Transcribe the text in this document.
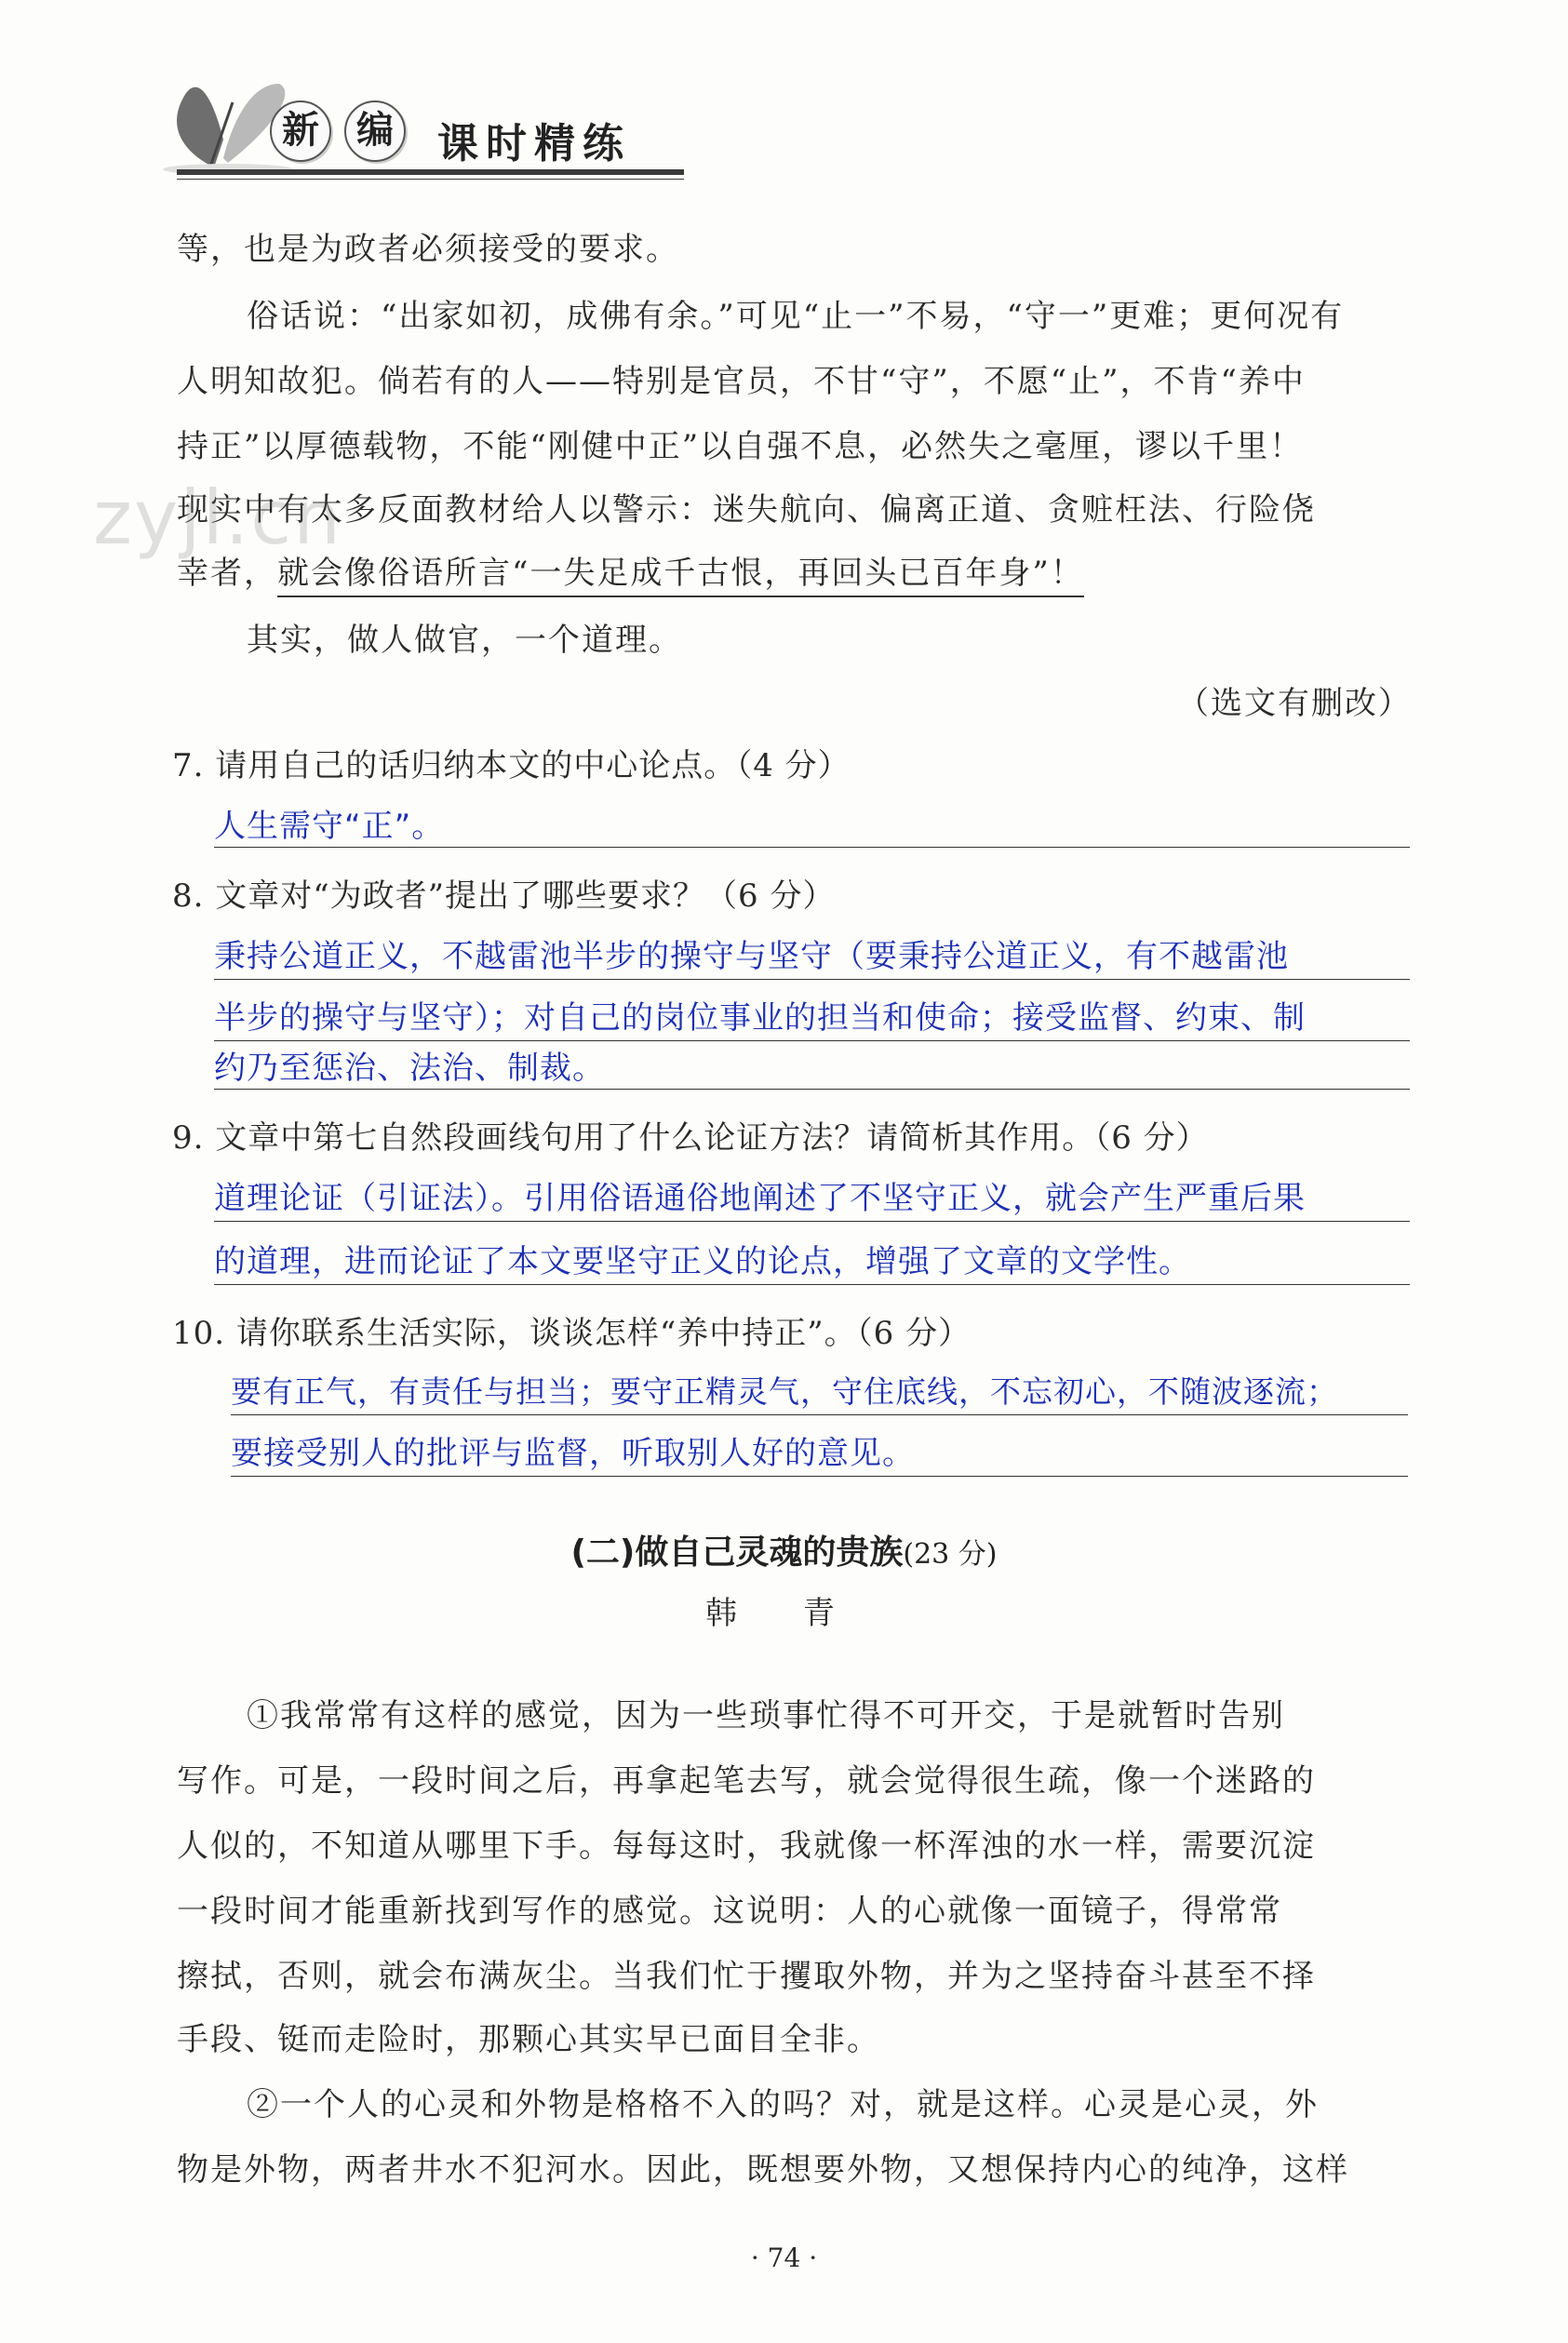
新	编 课时精练
等，也是为政者必须接受的要求。
俗话说：“出家如初，成佛有余。”可见“止一”不易，“守一”更难；更何况有
人明知故犯。倘若有的人——特别是官员，不甘“守”，不愿“止”，不肯“养中
持正”以厚德载物，不能“刚健中正”以自强不息，必然失之毫厘，谬以千里！
现实中有太多反面教材给人以警示：迷失航向、偏离正道、贪赃枉法、行险侥
幸者，就会像俗语所言“一失足成千古恨，再回头已百年身”！
其实，做人做官，一个道理。
（选文有删改）
zyjl.cn
7. 请用自己的话归纳本文的中心论点。（4 分）
人生需守“正”。
8. 文章对“为政者”提出了哪些要求？（6 分）
秉持公道正义，不越雷池半步的操守与坚守（要秉持公道正义，有不越雷池
半步的操守与坚守）；对自己的岗位事业的担当和使命；接受监督、约束、制
约乃至惩治、法治、制裁。
9. 文章中第七自然段画线句用了什么论证方法？请简析其作用。（6 分）
道理论证（引证法）。引用俗语通俗地阐述了不坚守正义，就会产生严重后果
的道理，进而论证了本文要坚守正义的论点，增强了文章的文学性。
10. 请你联系生活实际，谈谈怎样“养中持正”。（6 分）
要有正气，有责任与担当；要守正精灵气，守住底线，不忘初心，不随波逐流；
要接受别人的批评与监督，听取别人好的意见。
(二)做自己灵魂的贵族(23 分)
韩 青
①我常常有这样的感觉，因为一些琐事忙得不可开交，于是就暂时告别
写作。可是，一段时间之后，再拿起笔去写，就会觉得很生疏，像一个迷路的
人似的，不知道从哪里下手。每每这时，我就像一杯浑浊的水一样，需要沉淀
一段时间才能重新找到写作的感觉。这说明：人的心就像一面镜子，得常常
擦拭，否则，就会布满灰尘。当我们忙于攫取外物，并为之坚持奋斗甚至不择
手段、铤而走险时，那颗心其实早已面目全非。
②一个人的心灵和外物是格格不入的吗？对，就是这样。心灵是心灵，外
物是外物，两者井水不犯河水。因此，既想要外物，又想保持内心的纯净，这样
· 74 ·
